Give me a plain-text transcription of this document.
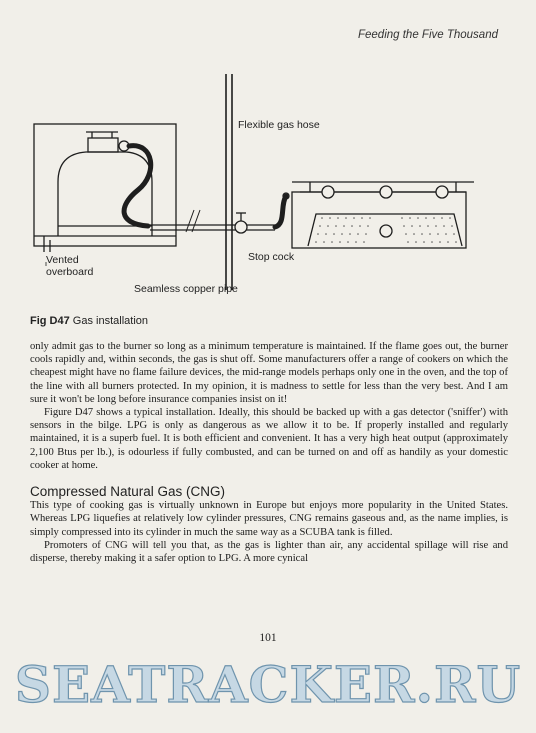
Feeding the Five Thousand
Flexible gas hose
Vented
overboard
Stop cock
Seamless copper pipe
Fig D47 Gas installation

only admit gas to the burner so long as a minimum temperature is maintained. If the flame goes out, the burner cools rapidly and, within seconds, the gas is shut off. Some manufacturers offer a range of cookers on which the cheapest might have no flame failure devices, the mid-range models perhaps only one in the oven, and the top of the line with all burners protected. In my opinion, it is madness to settle for less than the very best. And I am sure it won't be long before insurance companies insist on it!

Figure D47 shows a typical installation. Ideally, this should be backed up with a gas detector ('sniffer') with sensors in the bilge. LPG is only as dangerous as we allow it to be. If properly installed and regularly maintained, it is a superb fuel. It is both efficient and convenient. It has a very high heat output (approximately 2,100 Btus per lb.), is odourless if fully combusted, and can be turned on and off as handily as your domestic cooker at home.

Compressed Natural Gas (CNG)

This type of cooking gas is virtually unknown in Europe but enjoys more popularity in the United States. Whereas LPG liquefies at relatively low cylinder pressures, CNG remains gaseous and, as the name implies, is simply compressed into its cylinder in much the same way as a SCUBA tank is filled.

Promoters of CNG will tell you that, as the gas is lighter than air, any accidental spillage will rise and disperse, thereby making it a safer option to LPG. A more cynical

101
SEATRACKER.RU
